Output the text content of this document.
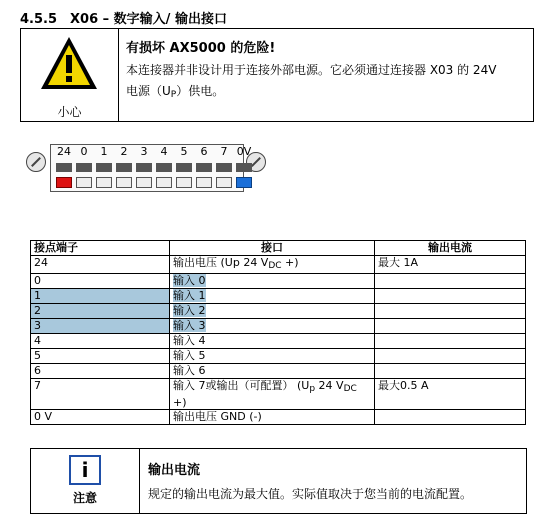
4.5.5 X06 – 数字输入/ 输出接口
小心
有损坏 AX5000 的危险!
本连接器并非设计用于连接外部电源。它必须通过连接器 X03 的 24V
电源$(U_P)$供电。
24 0	1	2	3	4	5	6	7 0V
接点端子	接口	输出电流
24	输出电压 (Up 24 $V_{DC}$ +)	最大 1A
0	输入 0	
1	输入 1	
2	输入 2	
3	输入 3	
4	输入 4	
5	输入 5	
6	输入 6	
7	输入 7或输出（可配置） ($U_p$ 24 $V_{DC}$
+)	最大0.5 A
0 V	输出电压 GND (-)	
i
注意
输出电流
规定的输出电流为最大值。实际值取决于您当前的电流配置。
